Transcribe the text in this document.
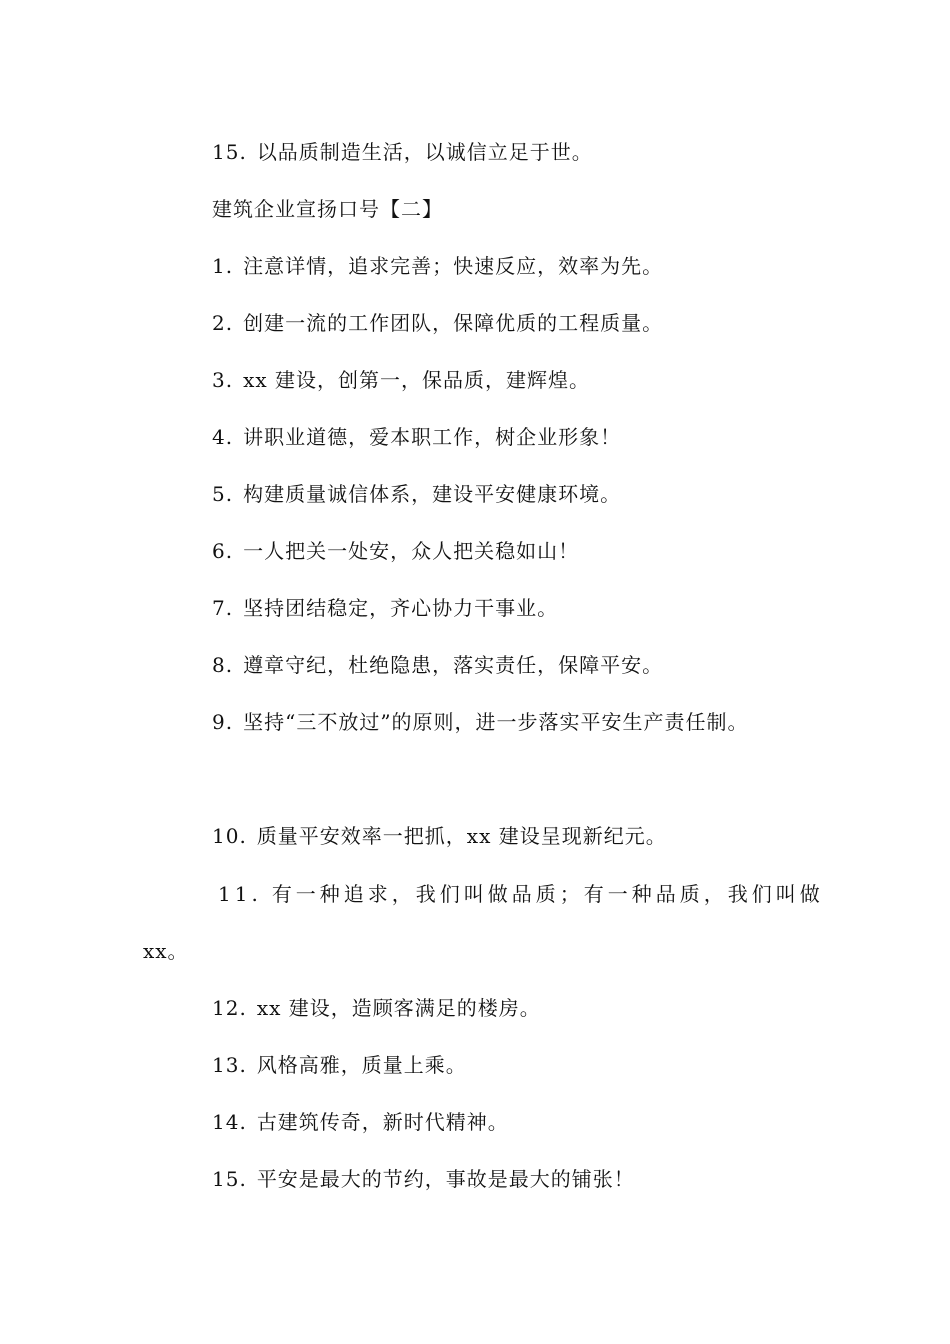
15. 以品质制造生活，以诚信立足于世。
建筑企业宣扬口号【二】
1. 注意详情，追求完善；快速反应，效率为先。
2. 创建一流的工作团队，保障优质的工程质量。
3. xx 建设，创第一，保品质，建辉煌。
4. 讲职业道德，爱本职工作，树企业形象！
5. 构建质量诚信体系，建设平安健康环境。
6. 一人把关一处安，众人把关稳如山！
7. 坚持团结稳定，齐心协力干事业。
8. 遵章守纪，杜绝隐患，落实责任，保障平安。
9. 坚持“三不放过”的原则，进一步落实平安生产责任制。
10. 质量平安效率一把抓，xx 建设呈现新纪元。
11. 有一种追求，我们叫做品质；有一种品质，我们叫做
xx。
12. xx 建设，造顾客满足的楼房。
13. 风格高雅，质量上乘。
14. 古建筑传奇，新时代精神。
15. 平安是最大的节约，事故是最大的铺张！
